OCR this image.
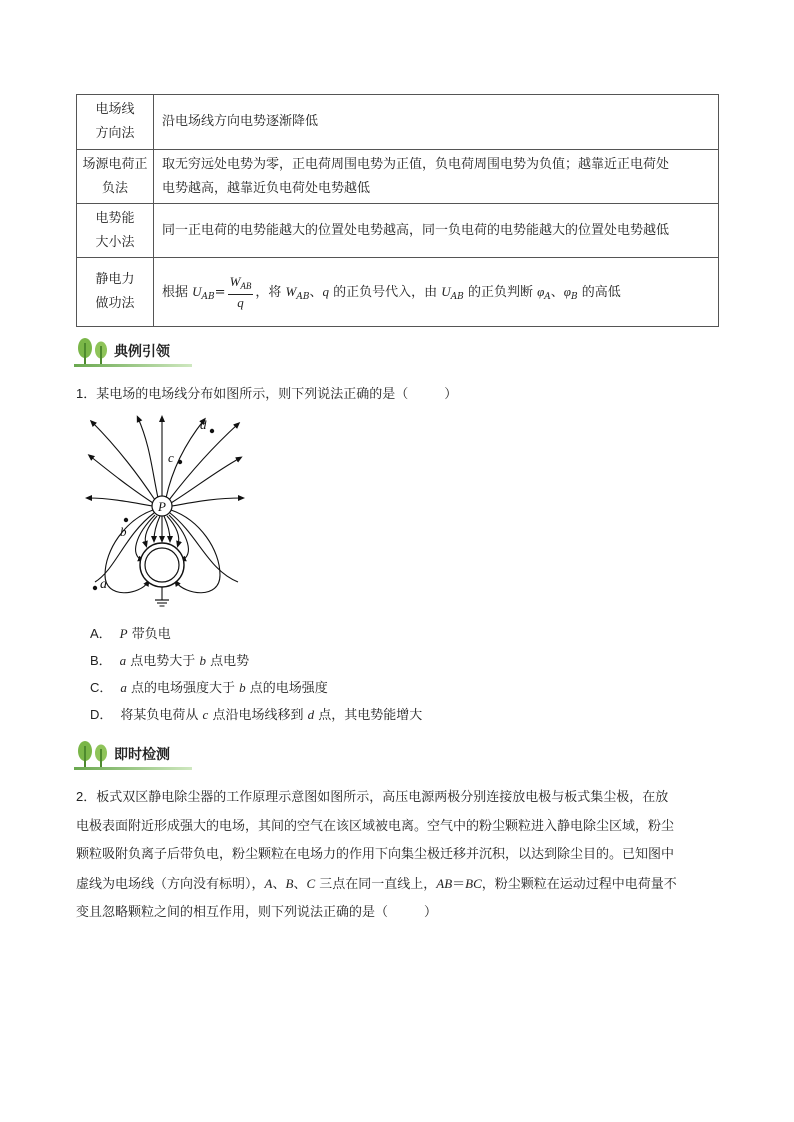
电场线
方向法	沿电场线方向电势逐渐降低

场源电荷正
负法	取无穷远处电势为零，正电荷周围电势为正值，负电荷周围电势为负值；越靠近正电荷处
电势越高，越靠近负电荷处电势越低

电势能
大小法	同一正电荷的电势能越大的位置处电势越高，同一负电荷的电势能越大的位置处电势越低

静电力
做功法	根据 $U_{AB}= \frac{W_{AB}}{q}$ ，将 $W_{AB}$、q 的正负号代入，由 $U_{AB}$ 的正负判断 $\varphi_A$、$\varphi_B$ 的高低
典例引领
1．某电场的电场线分布如图所示，则下列说法正确的是（	）
P
a
b
c
d
A． P 带负电
B． a 点电势大于 b 点电势
C． a 点的电场强度大于 b 点的电场强度
D． 将某负电荷从 c 点沿电场线移到 d 点，其电势能增大
即时检测
2．板式双区静电除尘器的工作原理示意图如图所示，高压电源两极分别连接放电极与板式集尘极，在放
电极表面附近形成强大的电场，其间的空气在该区域被电离。空气中的粉尘颗粒进入静电除尘区域，粉尘
颗粒吸附负离子后带负电，粉尘颗粒在电场力的作用下向集尘极迁移并沉积，以达到除尘目的。已知图中
虚线为电场线（方向没有标明），A、B、C 三点在同一直线上，AB＝BC，粉尘颗粒在运动过程中电荷量不
变且忽略颗粒之间的相互作用，则下列说法正确的是（	）
